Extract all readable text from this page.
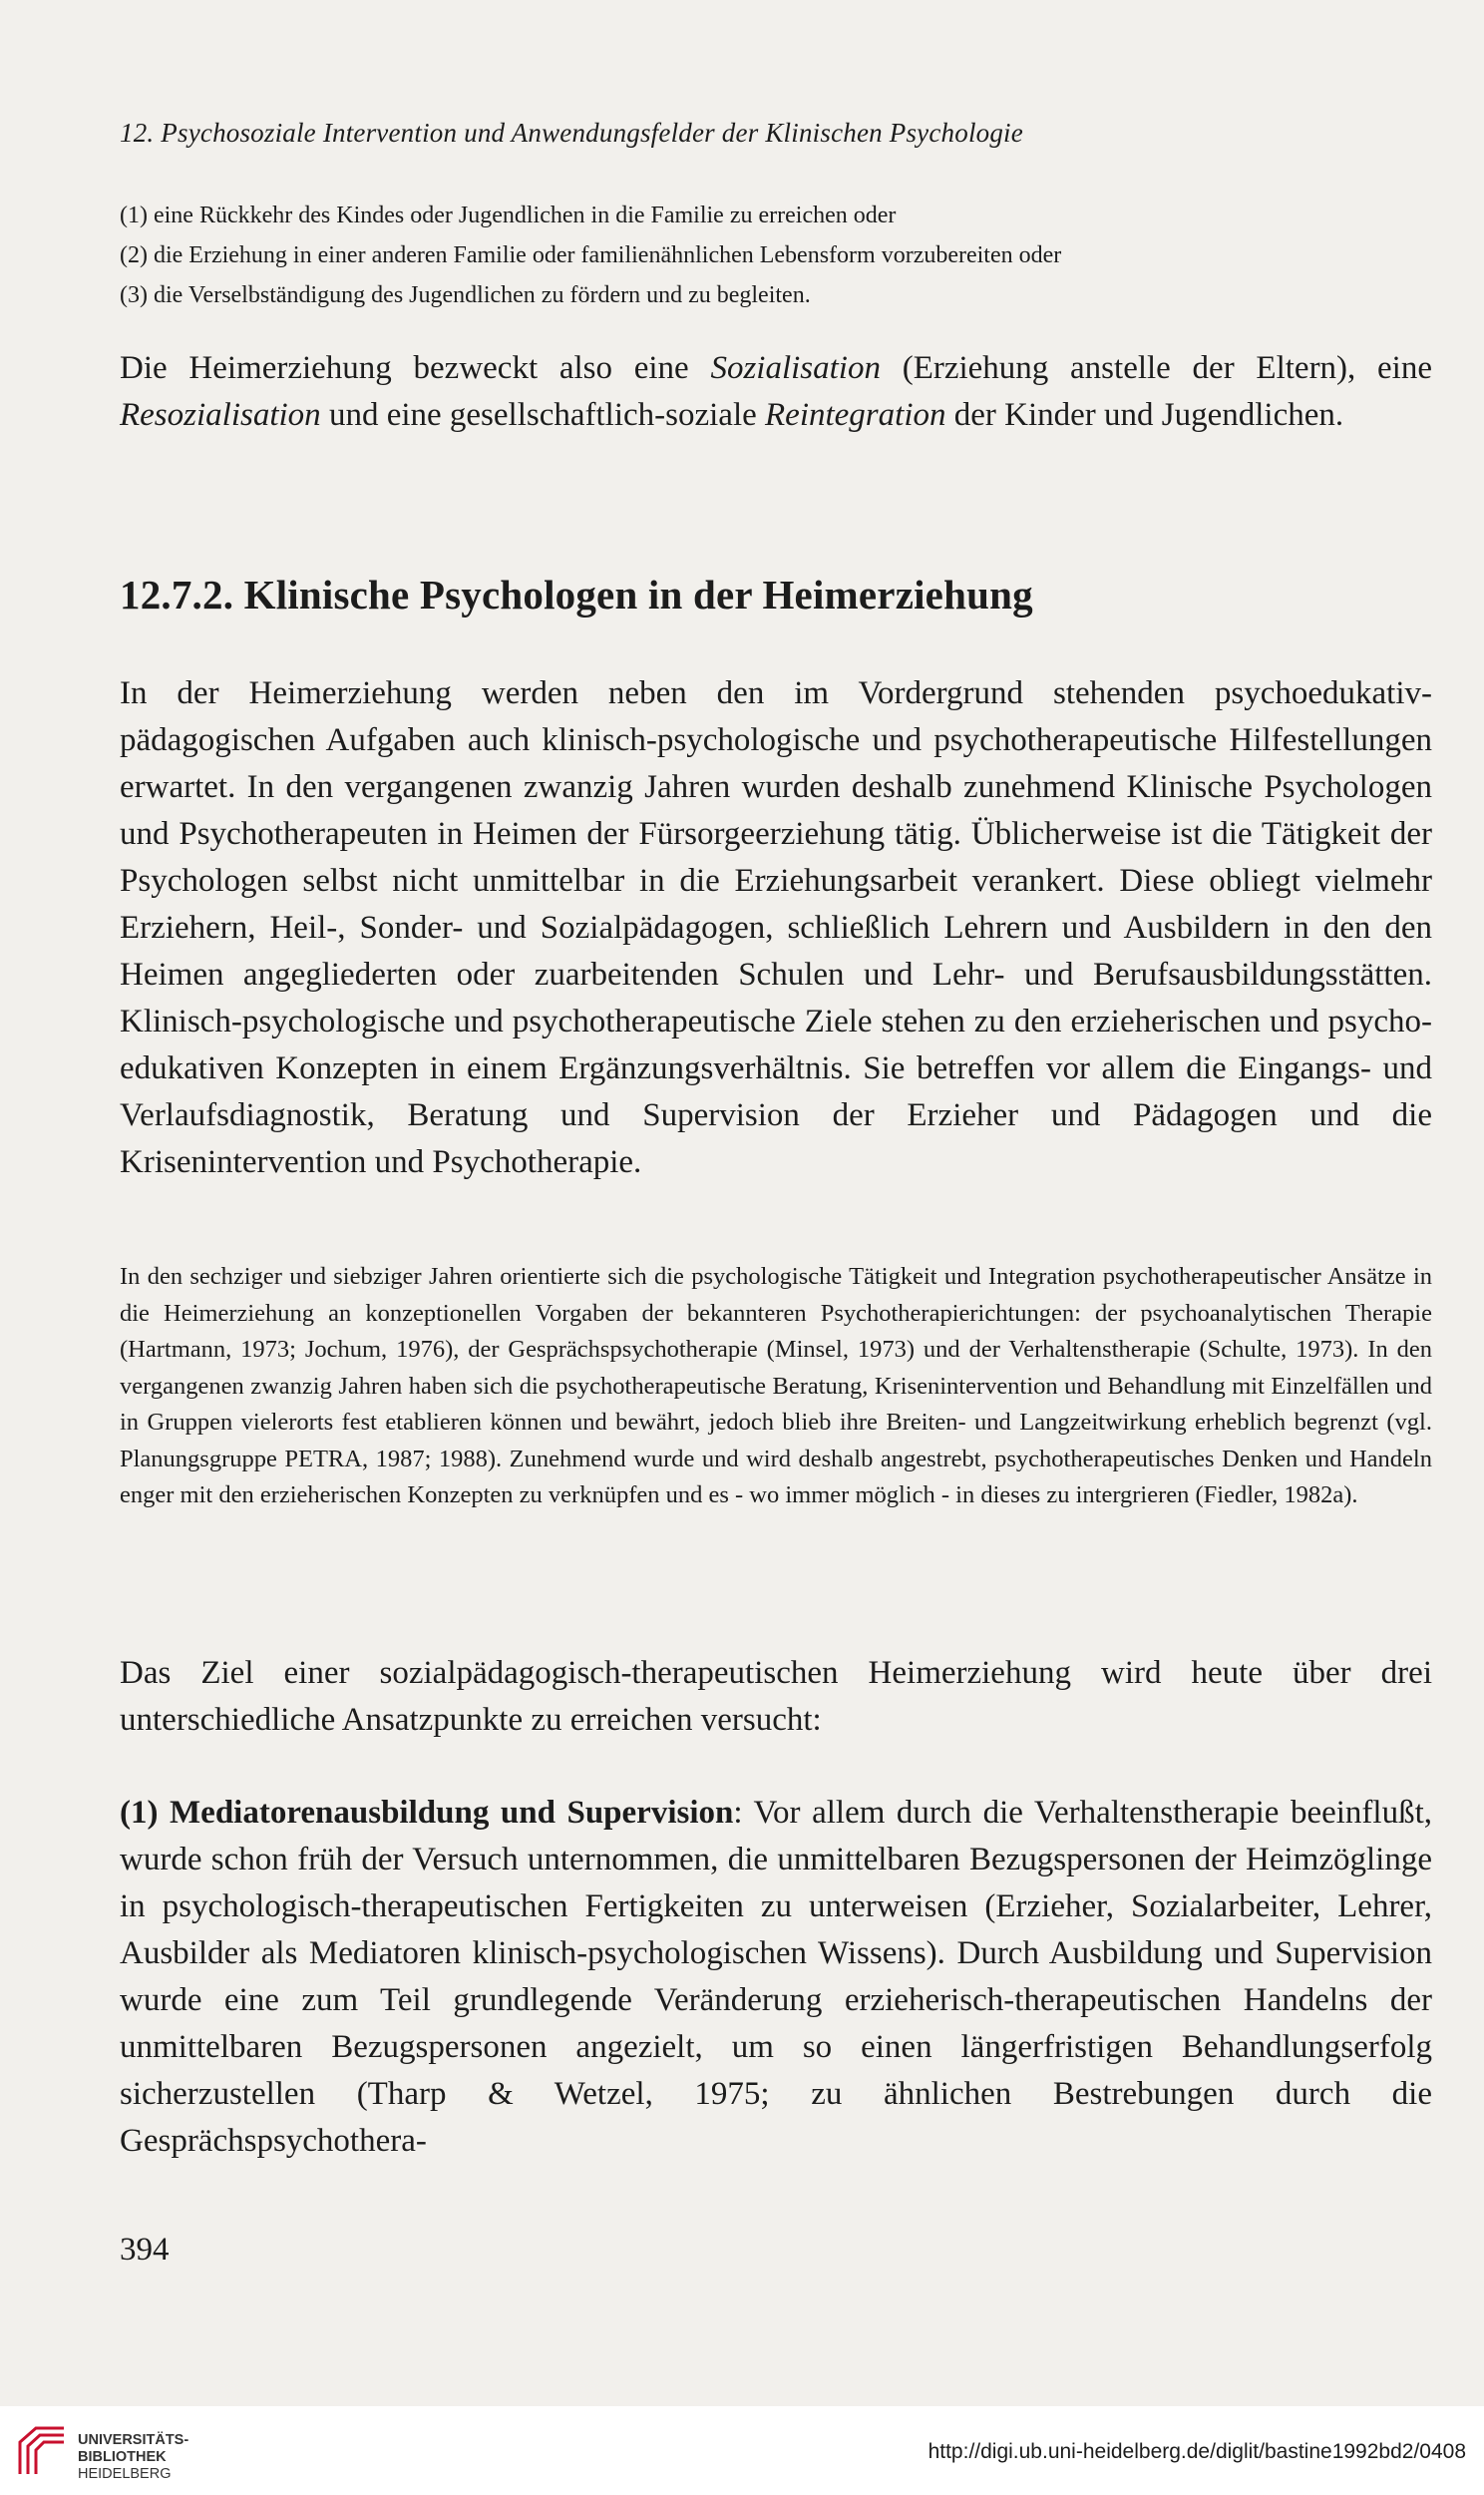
12. Psychosoziale Intervention und Anwendungsfelder der Klinischen Psychologie
(1) eine Rückkehr des Kindes oder Jugendlichen in die Familie zu erreichen oder
(2) die Erziehung in einer anderen Familie oder familienähnlichen Lebensform vorzubereiten oder
(3) die Verselbständigung des Jugendlichen zu fördern und zu begleiten.

Die Heimerziehung bezweckt also eine Sozialisation (Erziehung anstelle der Eltern), eine Resozialisation und eine gesellschaftlich-soziale Reintegration der Kinder und Jugendlichen.

12.7.2. Klinische Psychologen in der Heimerziehung

In der Heimerziehung werden neben den im Vordergrund stehenden psychoedukativ-pädagogischen Aufgaben auch klinisch-psychologische und psychotherapeutische Hilfestellungen erwartet. In den vergangenen zwanzig Jahren wurden deshalb zunehmend Klinische Psychologen und Psychotherapeuten in Heimen der Fürsorgeerziehung tätig. Üblicherweise ist die Tätigkeit der Psychologen selbst nicht unmittelbar in die Erziehungsarbeit verankert. Diese obliegt vielmehr Erziehern, Heil-, Sonder- und Sozialpädagogen, schließlich Lehrern und Ausbildern in den den Heimen angegliederten oder zuarbeitenden Schulen und Lehr- und Berufsausbildungsstätten. Klinisch-psychologische und psychotherapeutische Ziele stehen zu den erzieherischen und psychoedukativen Konzepten in einem Ergänzungsverhältnis. Sie betreffen vor allem die Eingangs- und Verlaufsdiagnostik, Beratung und Supervision der Erzieher und Pädagogen und die Krisenintervention und Psychotherapie.

In den sechziger und siebziger Jahren orientierte sich die psychologische Tätigkeit und Integration psychotherapeutischer Ansätze in die Heimerziehung an konzeptionellen Vorgaben der bekannteren Psychotherapierichtungen: der psychoanalytischen Therapie (Hartmann, 1973; Jochum, 1976), der Gesprächspsychotherapie (Minsel, 1973) und der Verhaltenstherapie (Schulte, 1973). In den vergangenen zwanzig Jahren haben sich die psychotherapeutische Beratung, Krisenintervention und Behandlung mit Einzelfällen und in Gruppen vielerorts fest etablieren können und bewährt, jedoch blieb ihre Breiten- und Langzeitwirkung erheblich begrenzt (vgl. Planungsgruppe PETRA, 1987; 1988). Zunehmend wurde und wird deshalb angestrebt, psychotherapeutisches Denken und Handeln enger mit den erzieherischen Konzepten zu verknüpfen und es - wo immer möglich - in dieses zu intergrieren (Fiedler, 1982a).

Das Ziel einer sozialpädagogisch-therapeutischen Heimerziehung wird heute über drei unterschiedliche Ansatzpunkte zu erreichen versucht:

(1) Mediatorenausbildung und Supervision: Vor allem durch die Verhaltenstherapie beeinflußt, wurde schon früh der Versuch unternommen, die unmittelbaren Bezugspersonen der Heimzöglinge in psychologisch-therapeutischen Fertigkeiten zu unterweisen (Erzieher, Sozialarbeiter, Lehrer, Ausbilder als Mediatoren klinisch-psychologischen Wissens). Durch Ausbildung und Supervision wurde eine zum Teil grundlegende Veränderung erzieherisch-therapeutischen Handelns der unmittelbaren Bezugspersonen angezielt, um so einen längerfristigen Behandlungserfolg sicherzustellen (Tharp & Wetzel, 1975; zu ähnlichen Bestrebungen durch die Gesprächspsychothera-

394
UNIVERSITÄTS-
BIBLIOTHEK
HEIDELBERG
http://digi.ub.uni-heidelberg.de/diglit/bastine1992bd2/0408
